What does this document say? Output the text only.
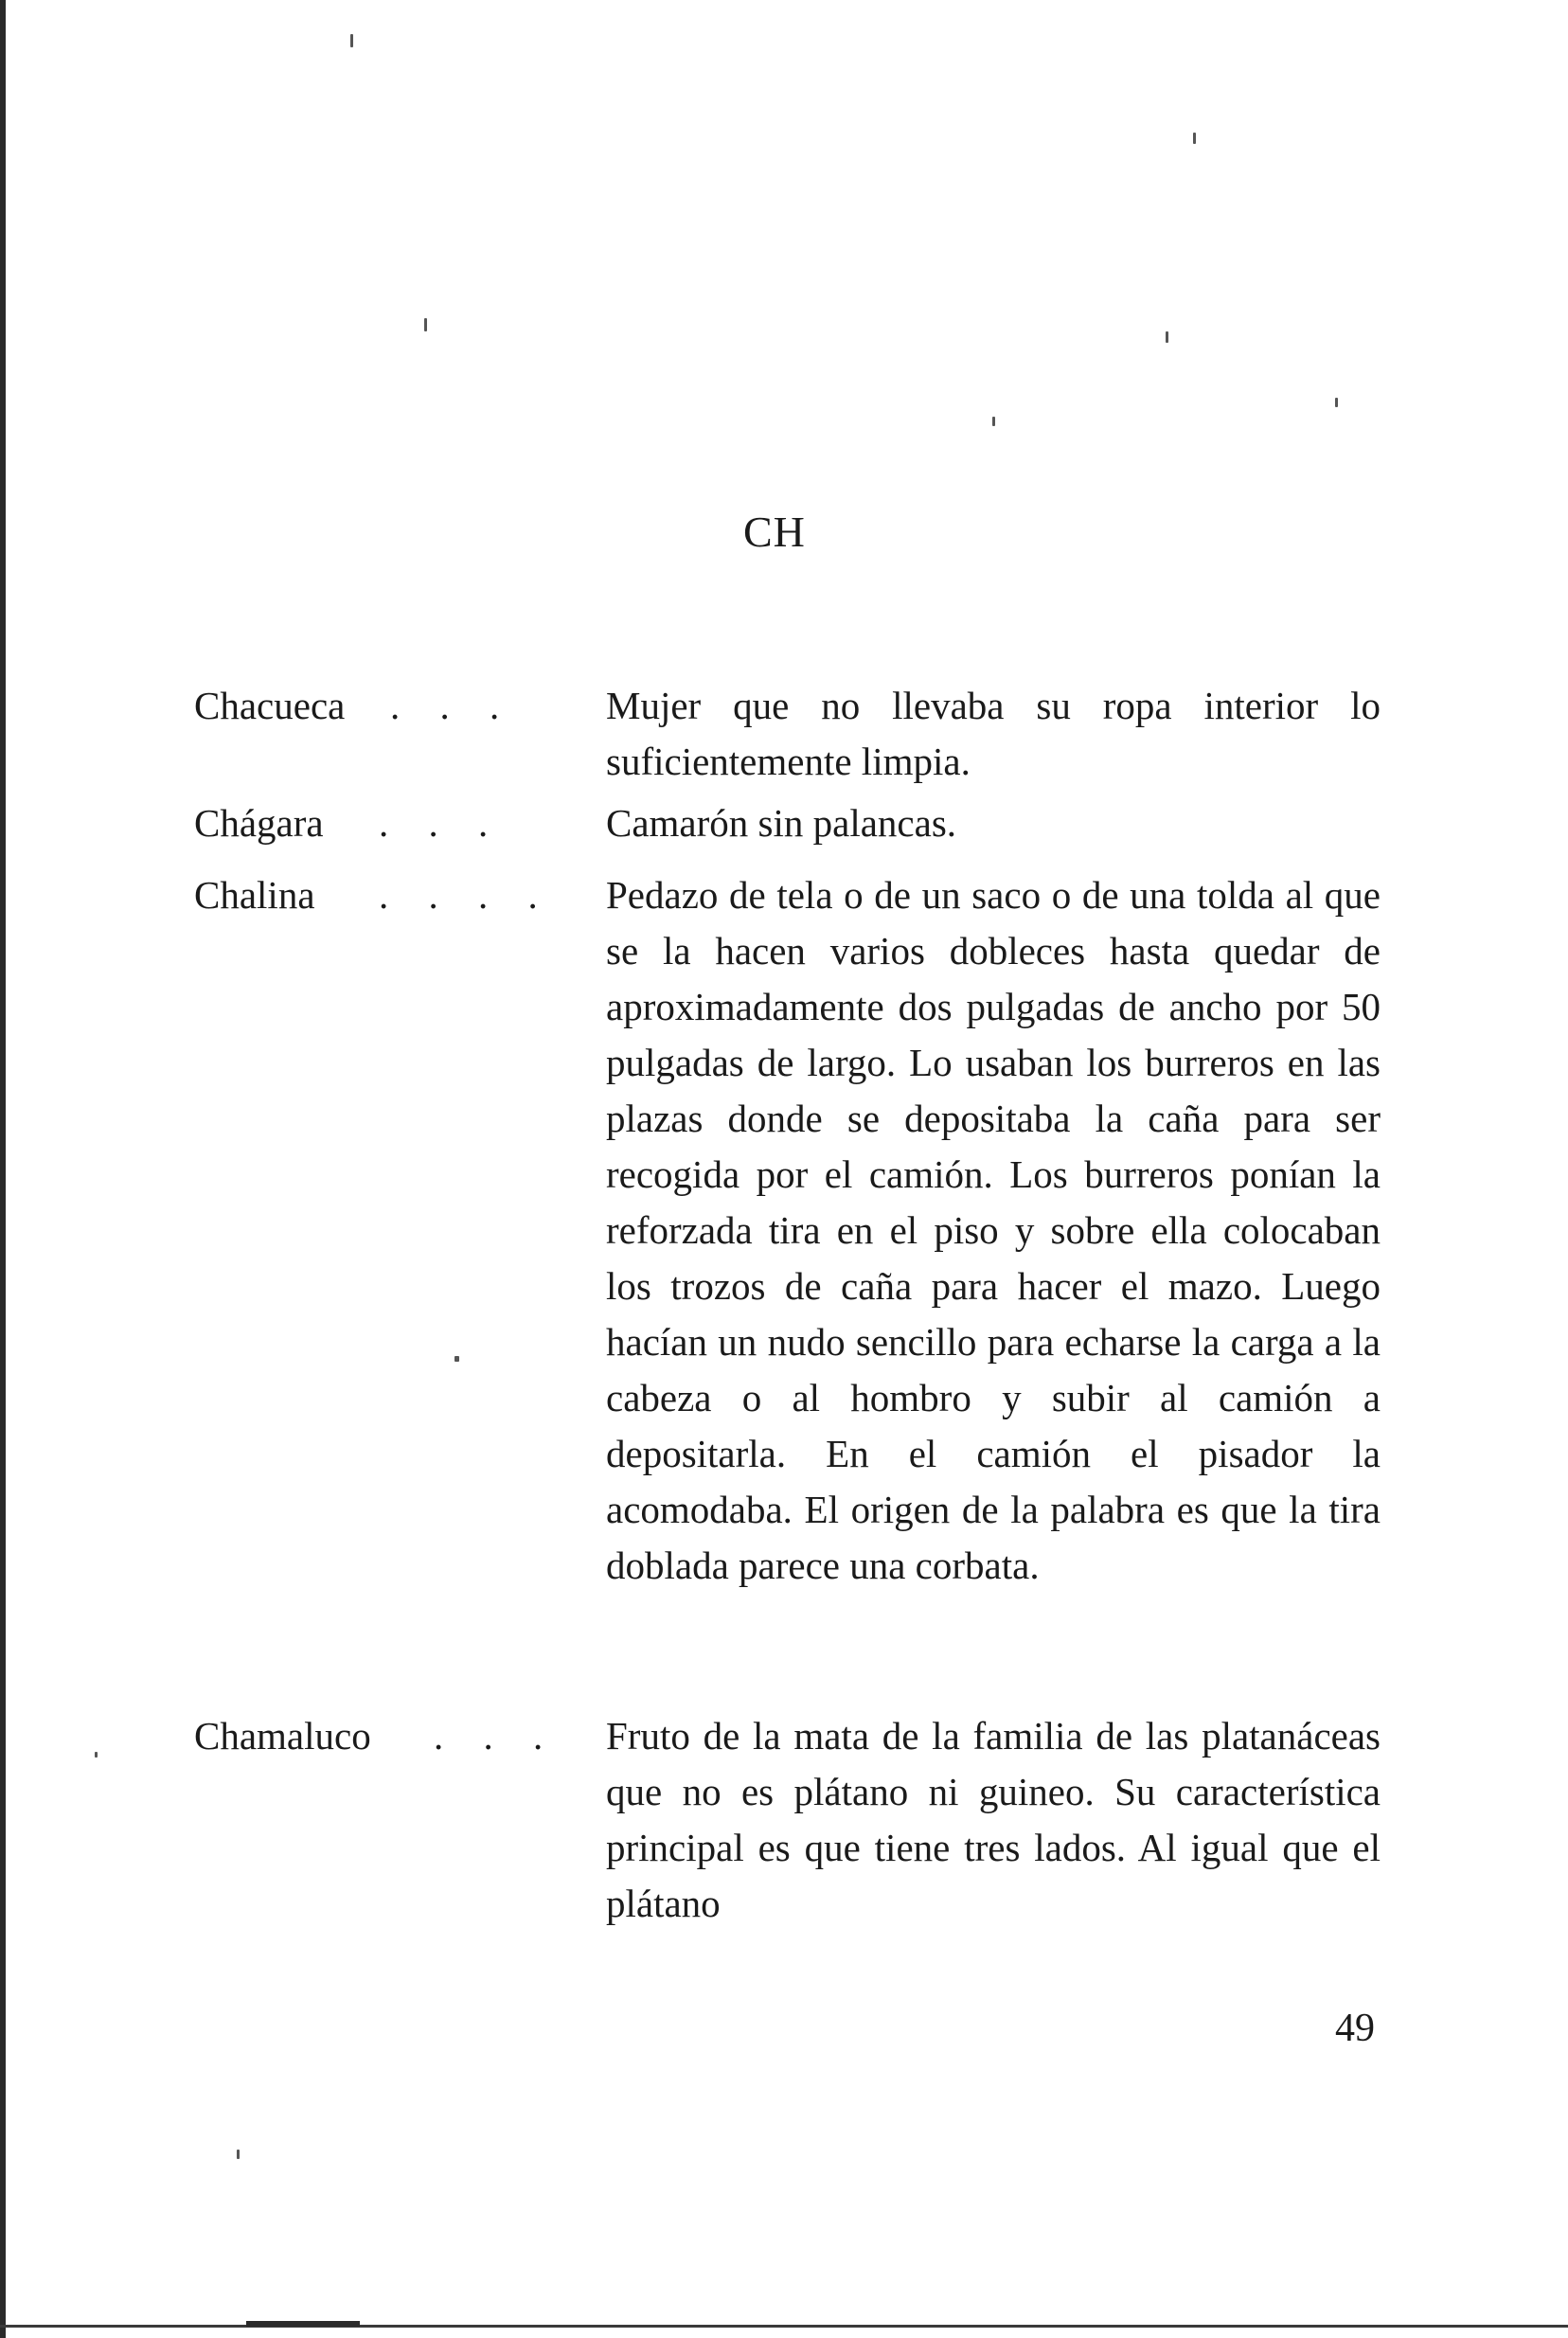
CH
Chacueca . . . Mujer que no llevaba su ropa interior lo suficientemente limpia.

Chágara . . .	Camarón sin palancas.

Chalina . . . . Pedazo de tela o de un saco o de una tolda al que se la hacen varios dobleces hasta quedar de aproximadamente dos pulgadas de ancho por 50 pulgadas de largo. Lo usaban los burreros en las plazas donde se depositaba la caña para ser recogida por el camión. Los burreros ponían la reforzada tira en el piso y sobre ella colocaban los trozos de caña para hacer el mazo. Luego hacían un nudo sencillo para echarse la carga a la cabeza o al hombro y subir al camión a depositarla. En el camión el pisador la acomodaba. El origen de la palabra es que la tira doblada parece una corbata.

Chamaluco . . . Fruto de la mata de la familia de las platanáceas que no es plátano ni guineo. Su característica principal es que tiene tres lados. Al igual que el plátano

49
